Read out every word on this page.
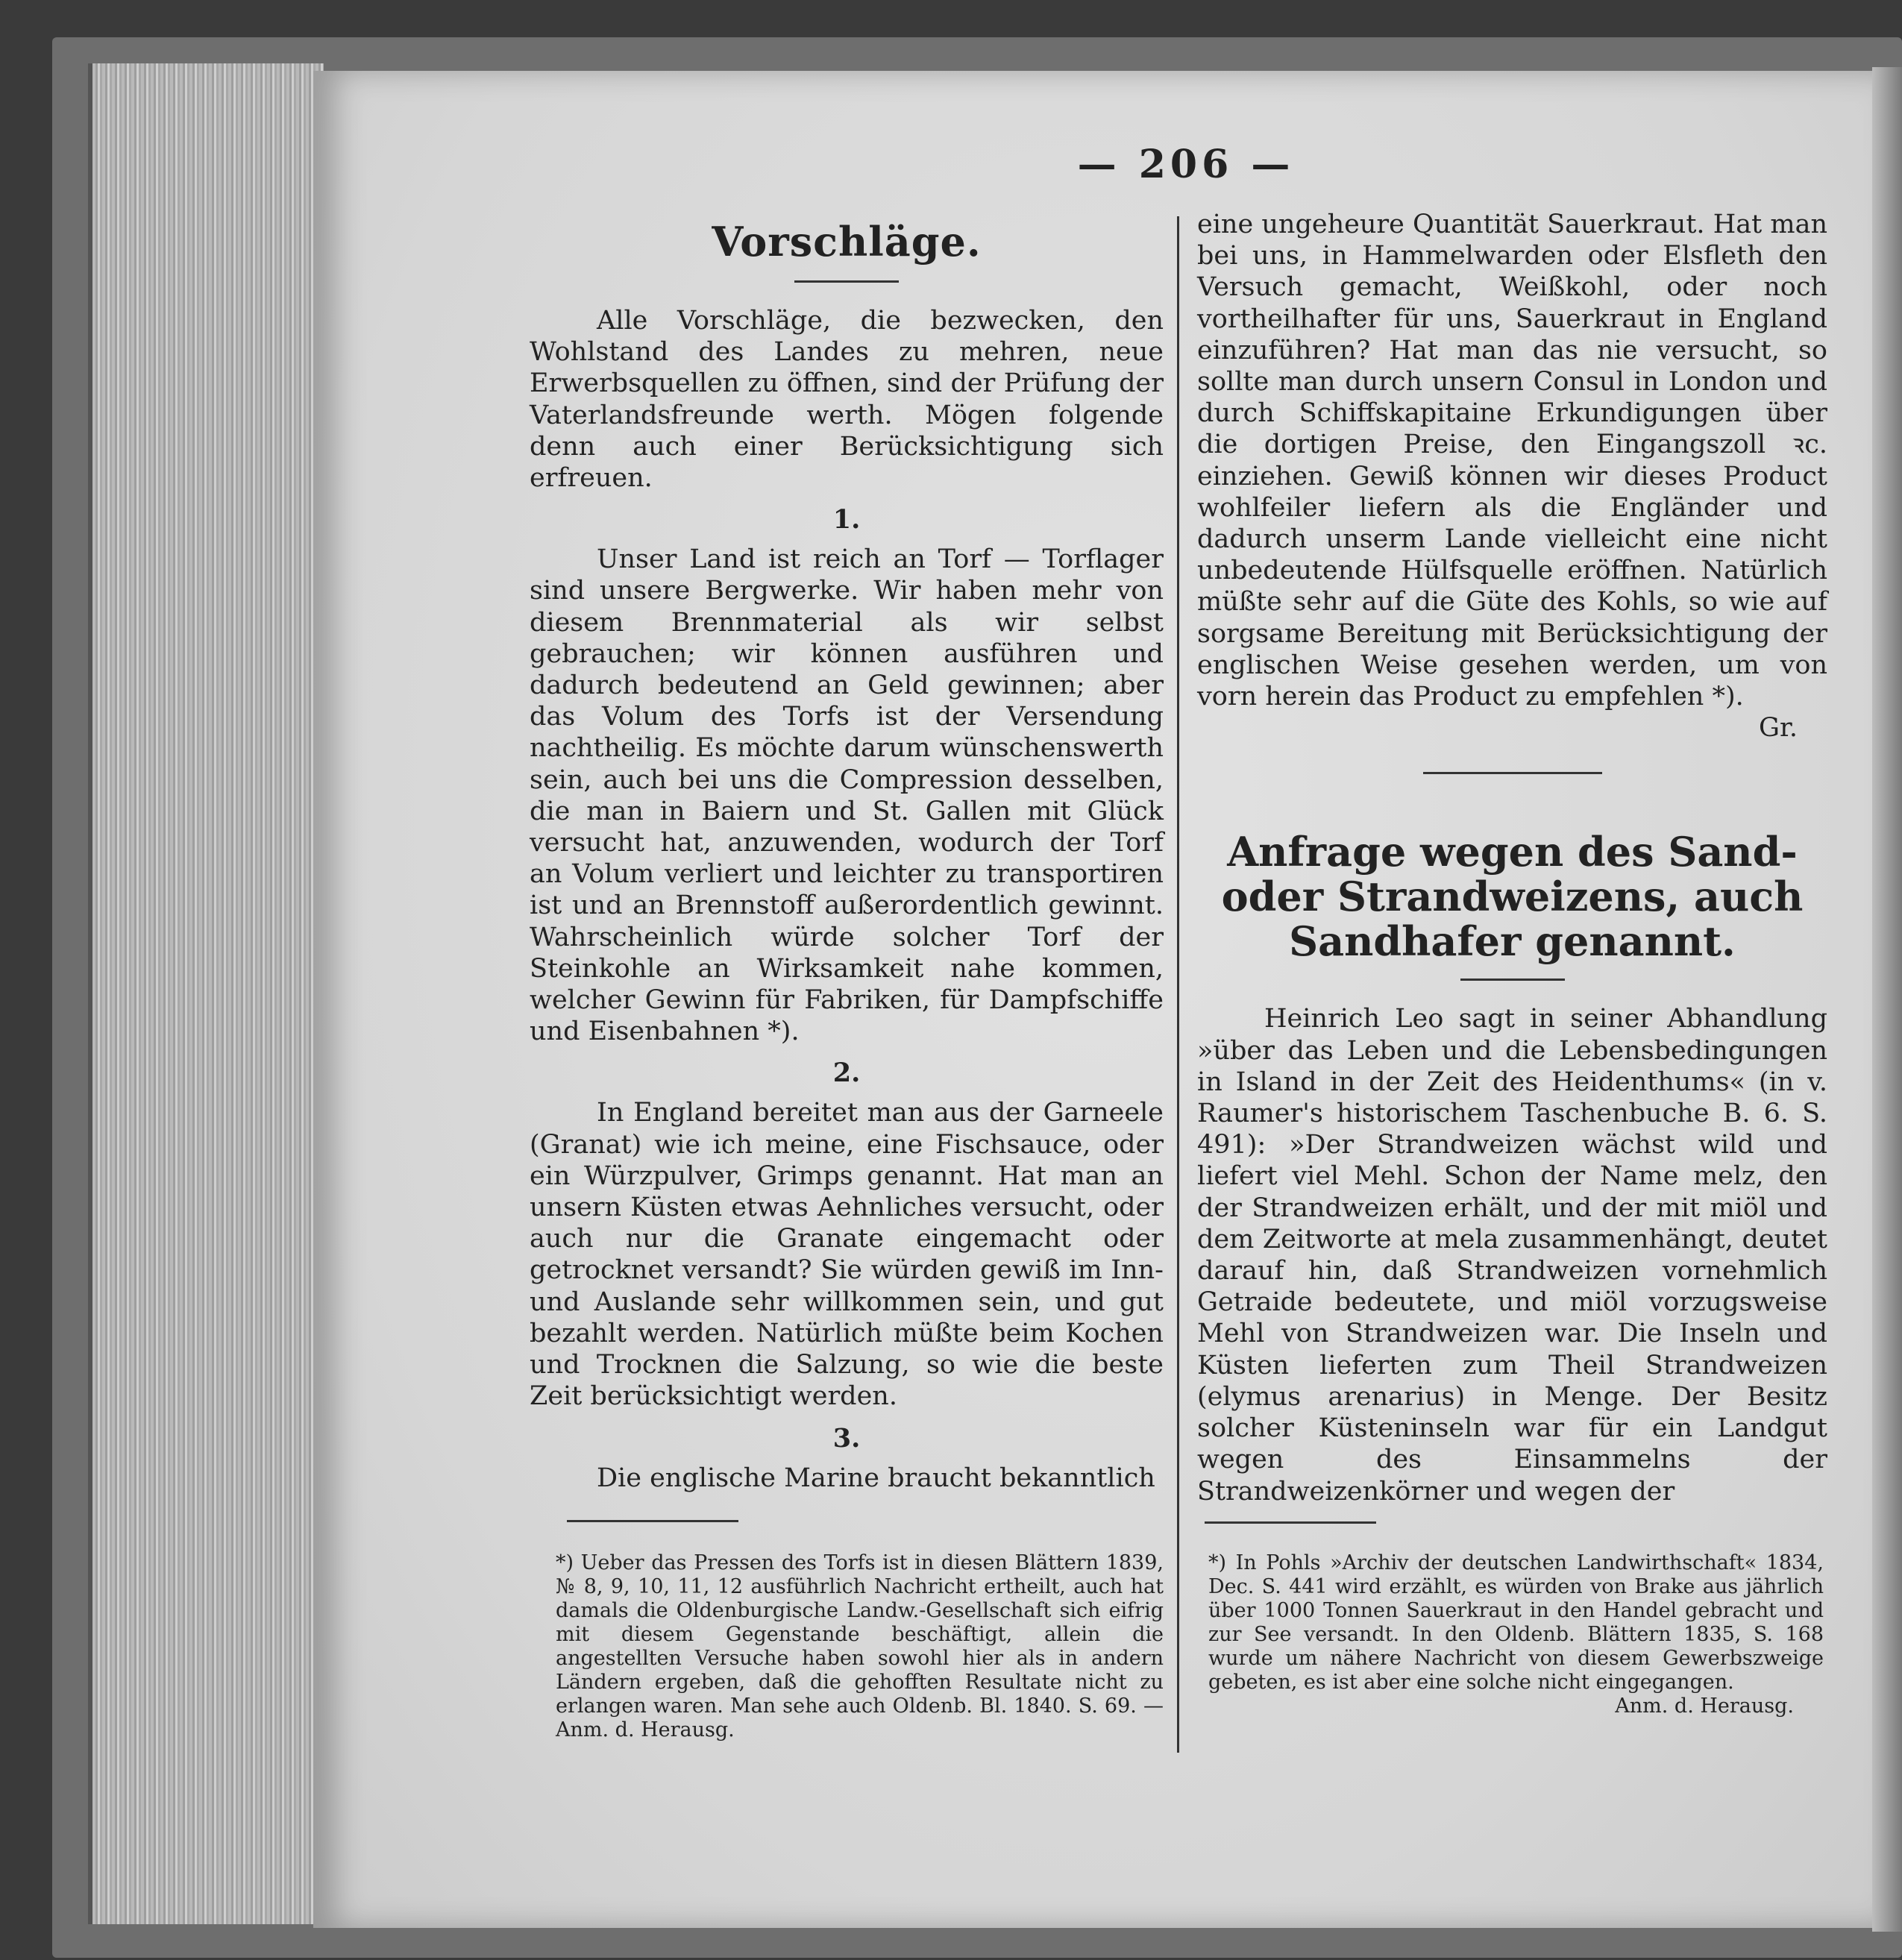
— 206 —
Vorschläge.

Alle Vorschläge, die bezwecken, den Wohlstand des Landes zu mehren, neue Erwerbsquellen zu öffnen, sind der Prüfung der Vaterlandsfreunde werth. Mögen folgende denn auch einer Berücksichtigung sich erfreuen.

1.

Unser Land ist reich an Torf — Torflager sind unsere Bergwerke. Wir haben mehr von diesem Brennmaterial als wir selbst gebrauchen; wir können ausführen und dadurch bedeutend an Geld gewinnen; aber das Volum des Torfs ist der Versendung nachtheilig. Es möchte darum wünschenswerth sein, auch bei uns die Compression desselben, die man in Baiern und St. Gallen mit Glück versucht hat, anzuwenden, wodurch der Torf an Volum verliert und leichter zu transportiren ist und an Brennstoff außerordentlich gewinnt. Wahrscheinlich würde solcher Torf der Steinkohle an Wirksamkeit nahe kommen, welcher Gewinn für Fabriken, für Dampfschiffe und Eisenbahnen *).

2.

In England bereitet man aus der Garneele (Granat) wie ich meine, eine Fischsauce, oder ein Würzpulver, Grimps genannt. Hat man an unsern Küsten etwas Aehnliches versucht, oder auch nur die Granate eingemacht oder getrocknet versandt? Sie würden gewiß im Inn- und Auslande sehr willkommen sein, und gut bezahlt werden. Natürlich müßte beim Kochen und Trocknen die Salzung, so wie die beste Zeit berücksichtigt werden.

3.

Die englische Marine braucht bekanntlich

eine ungeheure Quantität Sauerkraut. Hat man bei uns, in Hammelwarden oder Elsfleth den Versuch gemacht, Weißkohl, oder noch vortheilhafter für uns, Sauerkraut in England einzuführen? Hat man das nie versucht, so sollte man durch unsern Consul in London und durch Schiffskapitaine Erkundigungen über die dortigen Preise, den Eingangszoll ꝛc. einziehen. Gewiß können wir dieses Product wohlfeiler liefern als die Engländer und dadurch unserm Lande vielleicht eine nicht unbedeutende Hülfsquelle eröffnen. Natürlich müßte sehr auf die Güte des Kohls, so wie auf sorgsame Bereitung mit Berücksichtigung der englischen Weise gesehen werden, um von vorn herein das Product zu empfehlen *).

Gr.
Anfrage wegen des Sand- oder Strandweizens, auch Sandhafer genannt.

Heinrich Leo sagt in seiner Abhandlung »über das Leben und die Lebensbedingungen in Island in der Zeit des Heidenthums« (in v. Raumer's historischem Taschenbuche B. 6. S. 491): »Der Strandweizen wächst wild und liefert viel Mehl. Schon der Name melz, den der Strandweizen erhält, und der mit miöl und dem Zeitworte at mela zusammenhängt, deutet darauf hin, daß Strandweizen vornehmlich Getraide bedeutete, und miöl vorzugsweise Mehl von Strandweizen war. Die Inseln und Küsten lieferten zum Theil Strandweizen (elymus arenarius) in Menge. Der Besitz solcher Küsteninseln war für ein Landgut wegen des Einsammelns der Strandweizenkörner und wegen der

*) Ueber das Pressen des Torfs ist in diesen Blättern 1839, № 8, 9, 10, 11, 12 ausführlich Nachricht ertheilt, auch hat damals die Oldenburgische Landw.-Gesellschaft sich eifrig mit diesem Gegenstande beschäftigt, allein die angestellten Versuche haben sowohl hier als in andern Ländern ergeben, daß die gehofften Resultate nicht zu erlangen waren. Man sehe auch Oldenb. Bl. 1840. S. 69. — Anm. d. Herausg.

*) In Pohls »Archiv der deutschen Landwirthschaft« 1834, Dec. S. 441 wird erzählt, es würden von Brake aus jährlich über 1000 Tonnen Sauerkraut in den Handel gebracht und zur See versandt. In den Oldenb. Blättern 1835, S. 168 wurde um nähere Nachricht von diesem Gewerbszweige gebeten, es ist aber eine solche nicht eingegangen.
Anm. d. Herausg.
